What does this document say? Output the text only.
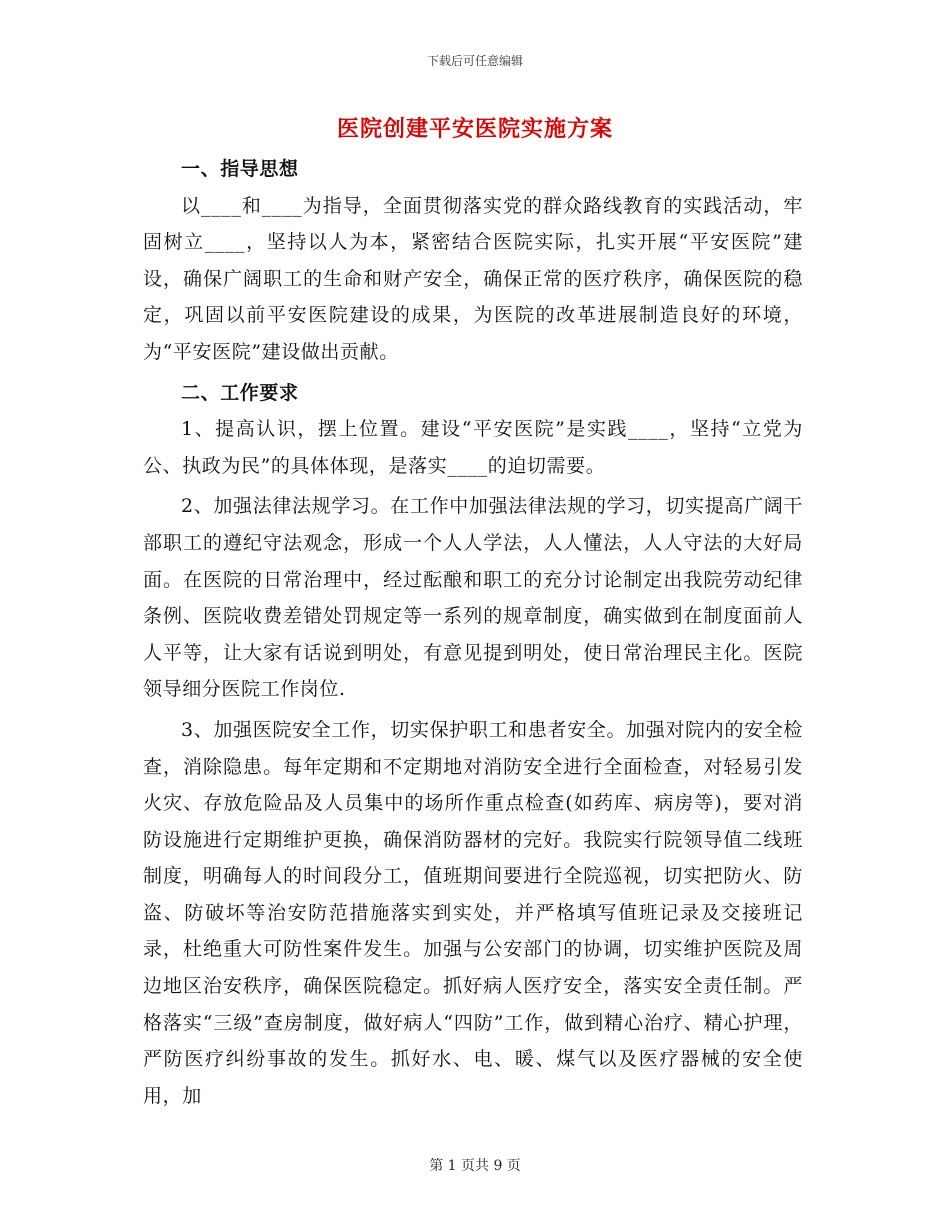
下载后可任意编辑
医院创建平安医院实施方案
一、指导思想

以____和____为指导，全面贯彻落实党的群众路线教育的实践活动，牢固树立____，坚持以人为本，紧密结合医院实际，扎实开展“平安医院”建设，确保广阔职工的生命和财产安全，确保正常的医疗秩序，确保医院的稳定，巩固以前平安医院建设的成果，为医院的改革进展制造良好的环境，为“平安医院”建设做出贡献。

二、工作要求

1、提高认识，摆上位置。建设“平安医院”是实践____，坚持“立党为公、执政为民”的具体体现，是落实____的迫切需要。

2、加强法律法规学习。在工作中加强法律法规的学习，切实提高广阔干部职工的遵纪守法观念，形成一个人人学法，人人懂法，人人守法的大好局面。在医院的日常治理中，经过酝酿和职工的充分讨论制定出我院劳动纪律条例、医院收费差错处罚规定等一系列的规章制度，确实做到在制度面前人人平等，让大家有话说到明处，有意见提到明处，使日常治理民主化。医院领导细分医院工作岗位.

3、加强医院安全工作，切实保护职工和患者安全。加强对院内的安全检查，消除隐患。每年定期和不定期地对消防安全进行全面检查，对轻易引发火灾、存放危险品及人员集中的场所作重点检查(如药库、病房等)，要对消防设施进行定期维护更换，确保消防器材的完好。我院实行院领导值二线班制度，明确每人的时间段分工，值班期间要进行全院巡视，切实把防火、防盗、防破坏等治安防范措施落实到实处，并严格填写值班记录及交接班记录，杜绝重大可防性案件发生。加强与公安部门的协调，切实维护医院及周边地区治安秩序，确保医院稳定。抓好病人医疗安全，落实安全责任制。严格落实“三级”查房制度，做好病人“四防”工作，做到精心治疗、精心护理，严防医疗纠纷事故的发生。抓好水、电、暖、煤气以及医疗器械的安全使用，加

第 1 页共 9 页
